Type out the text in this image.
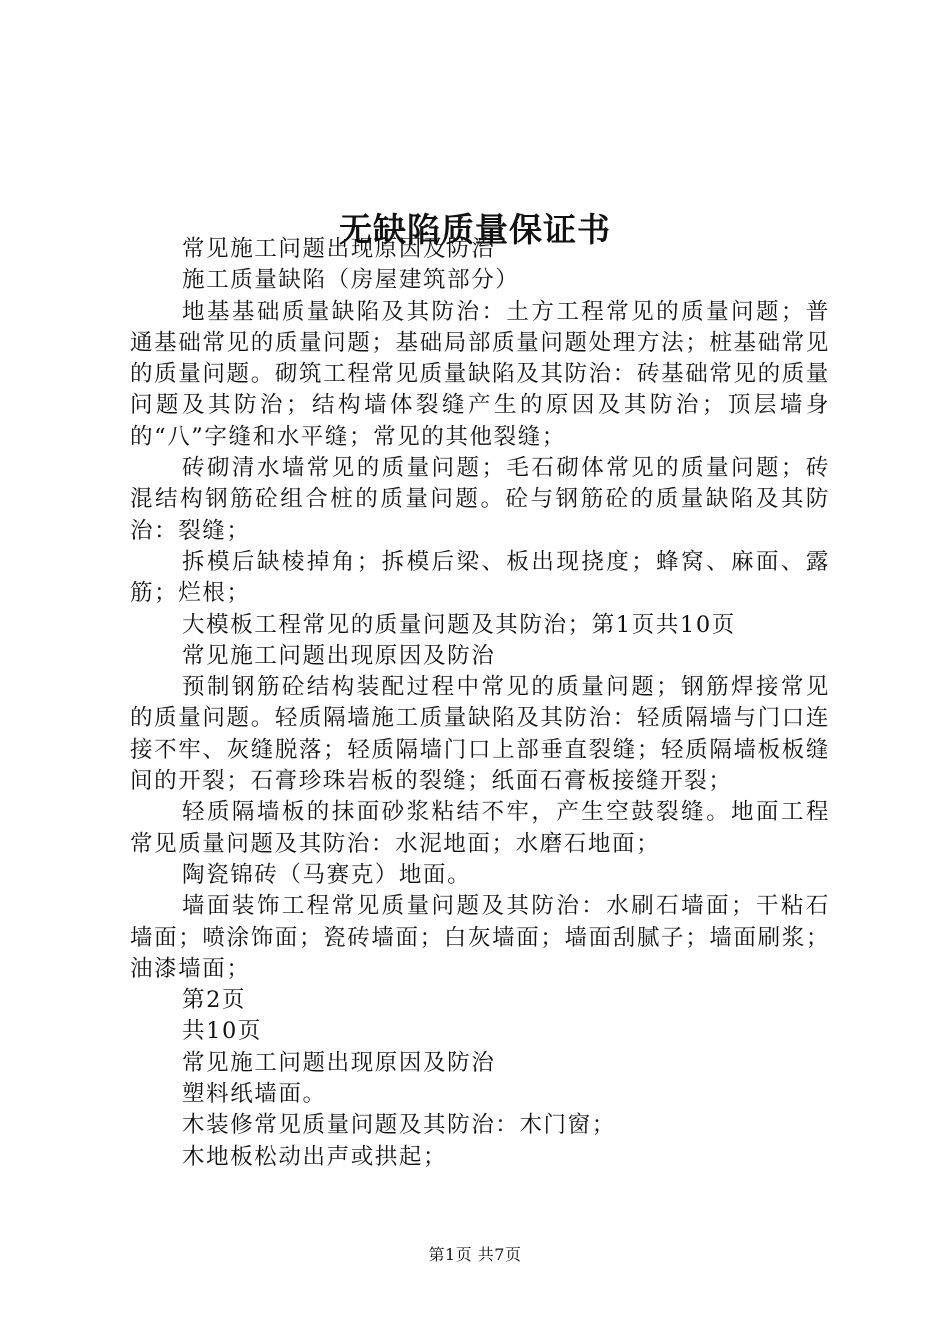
无缺陷质量保证书

常见施工问题出现原因及防治

施工质量缺陷（房屋建筑部分）

地基基础质量缺陷及其防治：土方工程常见的质量问题；普通基础常见的质量问题；基础局部质量问题处理方法；桩基础常见的质量问题。砌筑工程常见质量缺陷及其防治：砖基础常见的质量问题及其防治；结构墙体裂缝产生的原因及其防治；顶层墙身的“八”字缝和水平缝；常见的其他裂缝；

砖砌清水墙常见的质量问题；毛石砌体常见的质量问题；砖混结构钢筋砼组合桩的质量问题。砼与钢筋砼的质量缺陷及其防治：裂缝；

拆模后缺棱掉角；拆模后梁、板出现挠度；蜂窝、麻面、露筋；烂根；

大模板工程常见的质量问题及其防治；第1页共10页

常见施工问题出现原因及防治

预制钢筋砼结构装配过程中常见的质量问题；钢筋焊接常见的质量问题。轻质隔墙施工质量缺陷及其防治：轻质隔墙与门口连接不牢、灰缝脱落；轻质隔墙门口上部垂直裂缝；轻质隔墙板板缝间的开裂；石膏珍珠岩板的裂缝；纸面石膏板接缝开裂；

轻质隔墙板的抹面砂浆粘结不牢，产生空鼓裂缝。地面工程常见质量问题及其防治：水泥地面；水磨石地面；

陶瓷锦砖（马赛克）地面。

墙面装饰工程常见质量问题及其防治：水刷石墙面；干粘石墙面；喷涂饰面；瓷砖墙面；白灰墙面；墙面刮腻子；墙面刷浆；油漆墙面；

第2页

共10页

常见施工问题出现原因及防治

塑料纸墙面。

木装修常见质量问题及其防治：木门窗；

木地板松动出声或拱起；

第1页 共7页
